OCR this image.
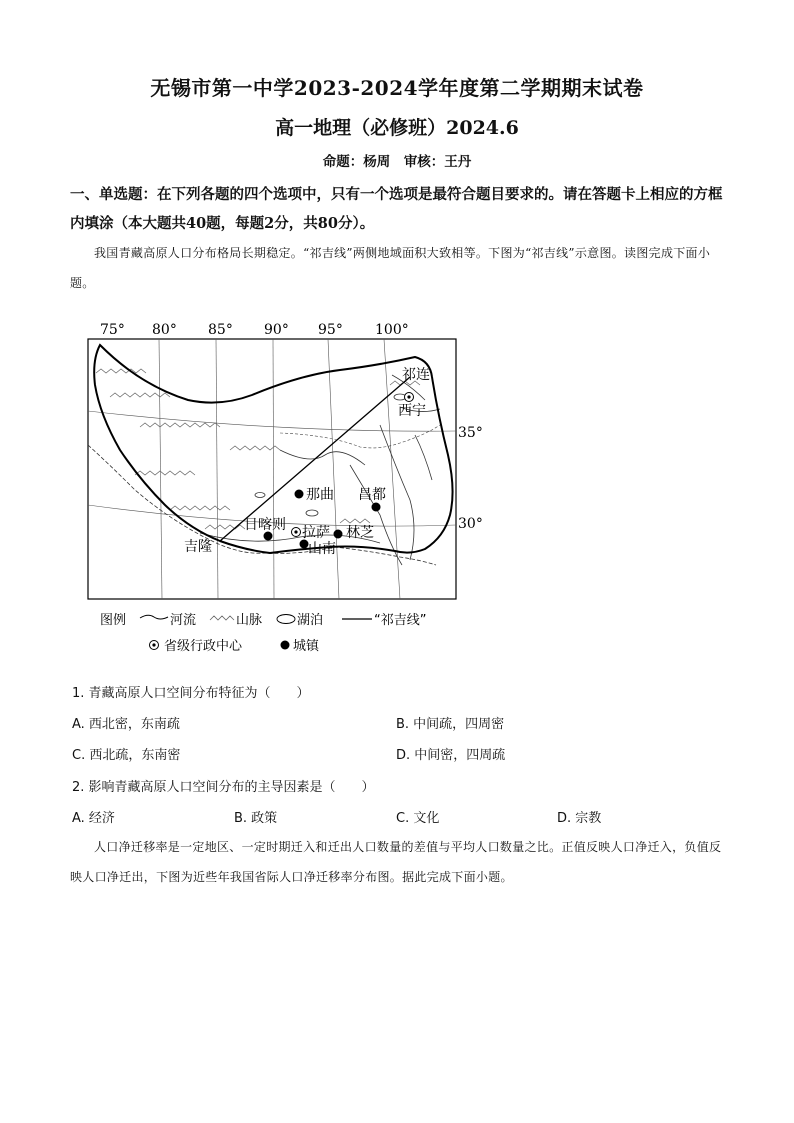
无锡市第一中学2023-2024学年度第二学期期末试卷
高一地理（必修班）2024.6
命题：杨周　审核：王丹
一、单选题：在下列各题的四个选项中，只有一个选项是最符合题目要求的。请在答题卡上相应的方框内填涂（本大题共40题，每题2分，共80分）。
我国青藏高原人口分布格局长期稳定。“祁吉线”两侧地域面积大致相等。下图为“祁吉线”示意图。读图完成下面小题。
75° 80° 85° 90° 95° 100°
35°
30°
祁连
西宁
那曲 昌都
日喀则 拉萨 林芝
山南
吉隆
图例	河流	山脉	湖泊	“祁吉线”
省级行政中心	城镇
1. 青藏高原人口空间分布特征为（　　）
A. 西北密，东南疏	B. 中间疏，四周密
C. 西北疏，东南密	D. 中间密，四周疏
2. 影响青藏高原人口空间分布的主导因素是（　　）
A. 经济	B. 政策	C. 文化	D. 宗教
人口净迁移率是一定地区、一定时期迁入和迁出人口数量的差值与平均人口数量之比。正值反映人口净迁入，负值反映人口净迁出，下图为近些年我国省际人口净迁移率分布图。据此完成下面小题。
